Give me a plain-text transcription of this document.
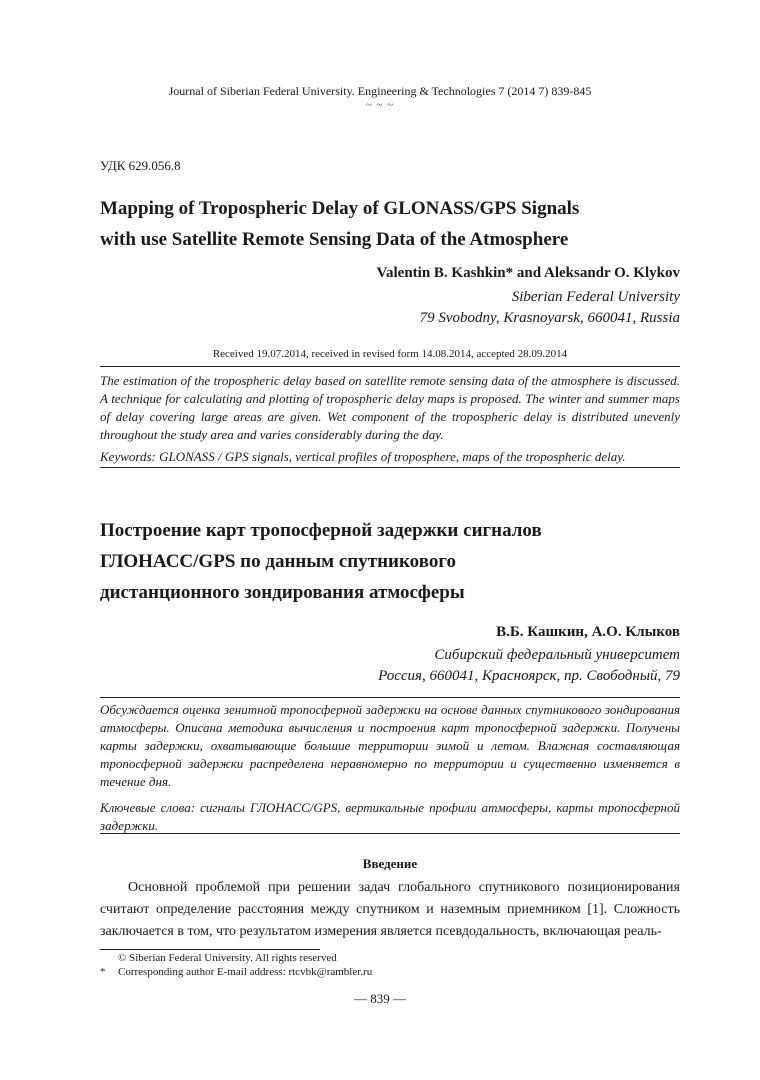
Journal of Siberian Federal University. Engineering & Technologies 7 (2014 7) 839-845
~ ~ ~
УДК 629.056.8
Mapping of Tropospheric Delay of GLONASS/GPS Signals
with use Satellite Remote Sensing Data of the Atmosphere
Valentin B. Kashkin* and Aleksandr O. Klykov
Siberian Federal University
79 Svobodny, Krasnoyarsk, 660041, Russia
Received 19.07.2014, received in revised form 14.08.2014, accepted 28.09.2014

The estimation of the tropospheric delay based on satellite remote sensing data of the atmosphere is discussed. A technique for calculating and plotting of tropospheric delay maps is proposed. The winter and summer maps of delay covering large areas are given. Wet component of the tropospheric delay is distributed unevenly throughout the study area and varies considerably during the day.

Keywords: GLONASS / GPS signals, vertical profiles of troposphere, maps of the tropospheric delay.

Построение карт тропосферной задержки сигналов
ГЛОНАСС/GPS по данным спутникового
дистанционного зондирования атмосферы
В.Б. Кашкин, А.О. Клыков
Сибирский федеральный университет
Россия, 660041, Красноярск, пр. Свободный, 79

Обсуждается оценка зенитной тропосферной задержки на основе данных спутникового зондирования атмосферы. Описана методика вычисления и построения карт тропосферной задержки. Получены карты задержки, охватывающие большие территории зимой и летом. Влажная составляющая тропосферной задержки распределена неравномерно по территории и существенно изменяется в течение дня.

Ключевые слова: сигналы ГЛОНАСС/GPS, вертикальные профили атмосферы, карты тропосферной задержки.

Введение
Основной проблемой при решении задач глобального спутникового позиционирования считают определение расстояния между спутником и наземным приемником [1]. Сложность заключается в том, что результатом измерения является псевдодальность, включающая реаль-
© Siberian Federal University. All rights reserved
* Corresponding author E-mail address: rtcvbk@rambler.ru
— 839 —
